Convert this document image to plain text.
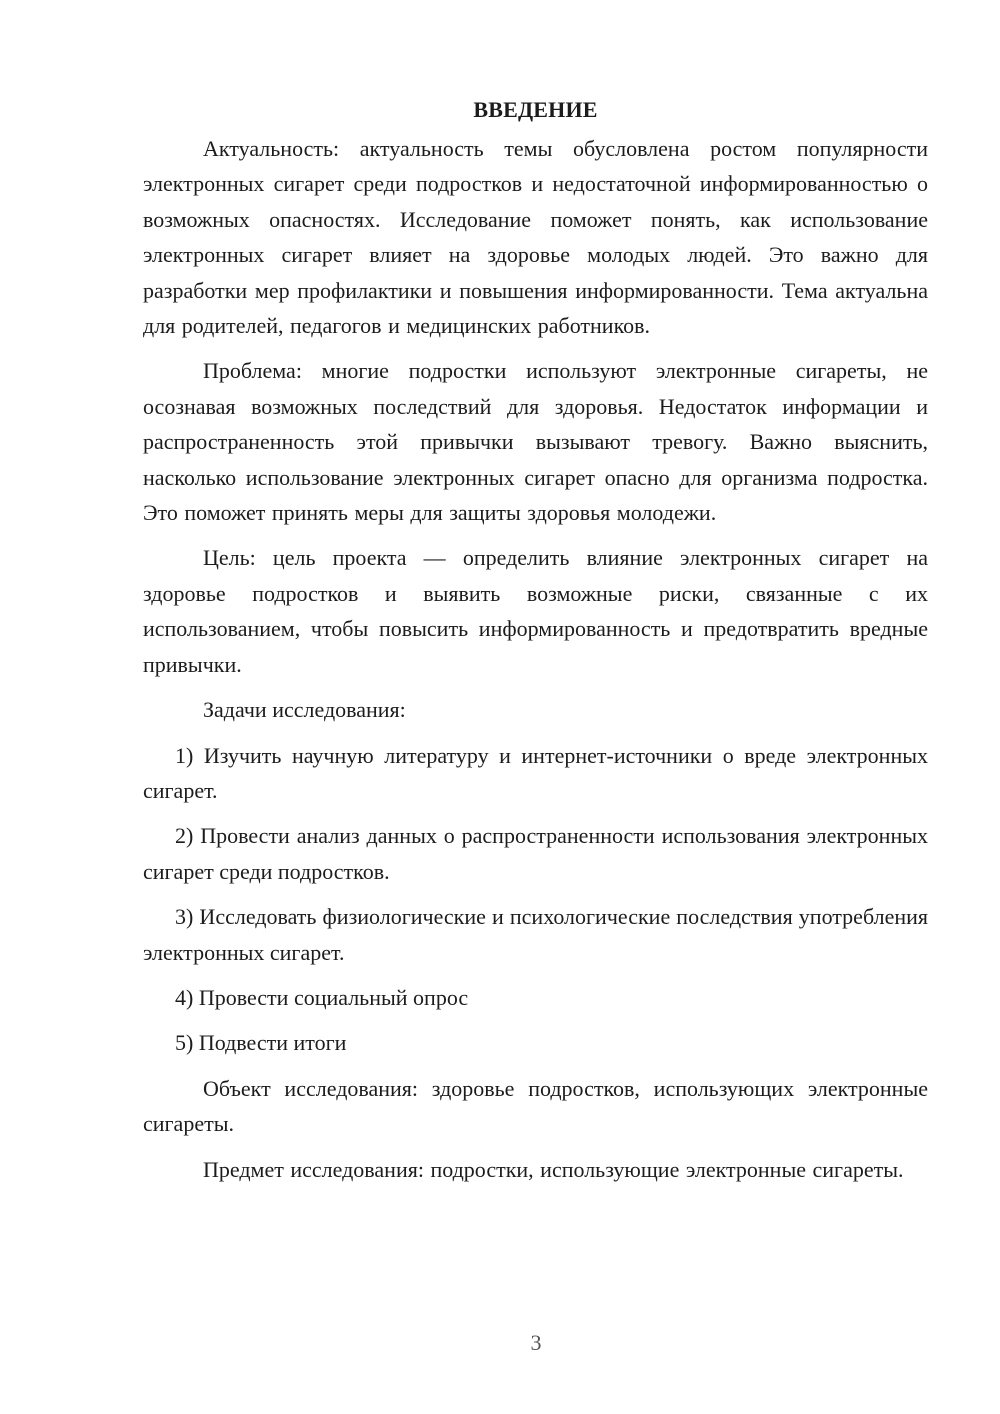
ВВЕДЕНИЕ

Актуальность: актуальность темы обусловлена ростом популярности электронных сигарет среди подростков и недостаточной информированностью о возможных опасностях. Исследование поможет понять, как использование электронных сигарет влияет на здоровье молодых людей. Это важно для разработки мер профилактики и повышения информированности. Тема актуальна для родителей, педагогов и медицинских работников.

Проблема: многие подростки используют электронные сигареты, не осознавая возможных последствий для здоровья. Недостаток информации и распространенность этой привычки вызывают тревогу. Важно выяснить, насколько использование электронных сигарет опасно для организма подростка. Это поможет принять меры для защиты здоровья молодежи.

Цель: цель проекта — определить влияние электронных сигарет на здоровье подростков и выявить возможные риски, связанные с их использованием, чтобы повысить информированность и предотвратить вредные привычки.

Задачи исследования:

1) Изучить научную литературу и интернет-источники о вреде электронных сигарет.

2) Провести анализ данных о распространенности использования электронных сигарет среди подростков.

3) Исследовать физиологические и психологические последствия употребления электронных сигарет.

4) Провести социальный опрос

5) Подвести итоги

Объект исследования: здоровье подростков, использующих электронные сигареты.

Предмет исследования: подростки, использующие электронные сигареты.

3
